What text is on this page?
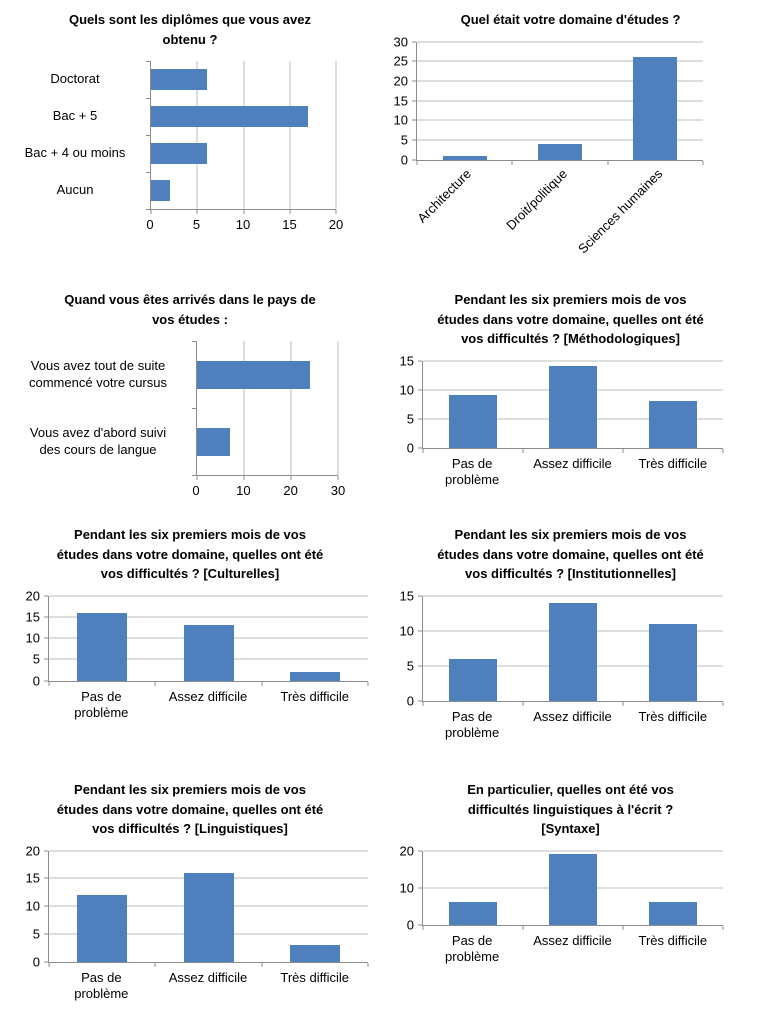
Quels sont les diplômes que vous avez obtenu ?
Doctorat
Bac + 5
Bac + 4 ou moins
Aucun
0	5	10 15 20
Quel était votre domaine d'études ?
0
5
10
15
20
25
30
Architecture Droit/politique Sciences humaines
Quand vous êtes arrivés dans le pays de vos études :
Vous avez tout de suite commencé votre cursus
Vous avez d'abord suivi des cours de langue
0	10	20	30
Pendant les six premiers mois de vos études dans votre domaine, quelles ont été vos difficultés ? [Méthodologiques]
0
5
10
15
Pas de problème
Assez difficile Très difficile
Pendant les six premiers mois de vos études dans votre domaine, quelles ont été vos difficultés ? [Culturelles]
0
5
10
15
20
Pas de problème
Assez difficile	Très difficile
Pendant les six premiers mois de vos études dans votre domaine, quelles ont été vos difficultés ? [Institutionnelles]
0
5
10
15
Pas de problème
Assez difficile Très difficile
Pendant les six premiers mois de vos études dans votre domaine, quelles ont été vos difficultés ? [Linguistiques]
0
5
10
15
20
Pas de problème
Assez difficile	Très difficile
En particulier, quelles ont été vos difficultés linguistiques à l'écrit ? [Syntaxe]
0
10
20
Pas de problème
Assez difficile Très difficile
